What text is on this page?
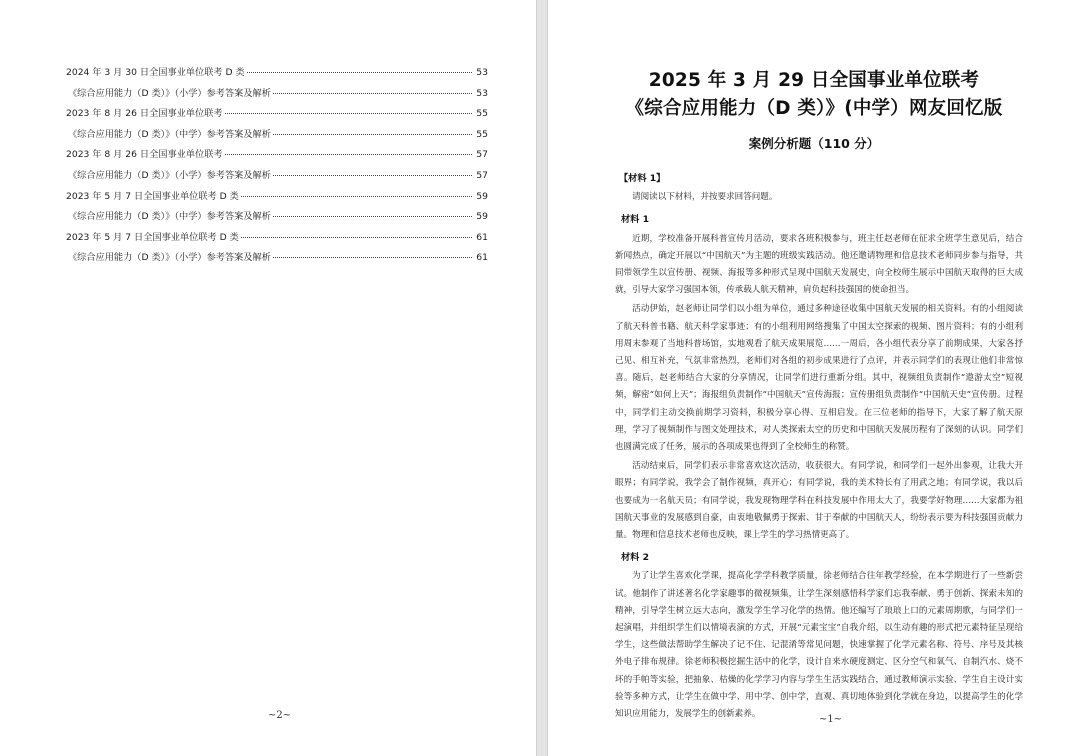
2024 年 3 月 30 日全国事业单位联考 D 类	53
《综合应用能力（D 类）》（小学）参考答案及解析	53
2023 年 8 月 26 日全国事业单位联考	55
《综合应用能力（D 类）》（中学）参考答案及解析	55
2023 年 8 月 26 日全国事业单位联考	57
《综合应用能力（D 类）》（小学）参考答案及解析	57
2023 年 5 月 7 日全国事业单位联考 D 类	59
《综合应用能力（D 类）》（中学）参考答案及解析	59
2023 年 5 月 7 日全国事业单位联考 D 类	61
《综合应用能力（D 类）》（小学）参考答案及解析	61
~2~
2025 年 3 月 29 日全国事业单位联考
《综合应用能力（D 类）》(中学）网友回忆版
案例分析题（110 分）
【材料 1】
请阅读以下材料，并按要求回答问题。
材料 1
近期，学校准备开展科普宣传月活动，要求各班积极参与，班主任赵老师在征求全班学生意见后，结合新闻热点，确定开展以“中国航天”为主题的班级实践活动。他还邀请物理和信息技术老师同步参与指导，共同带领学生以宣传册、视频、海报等多种形式呈现中国航天发展史，向全校师生展示中国航天取得的巨大成就，引导大家学习强国本领，传承载人航天精神，肩负起科技强国的使命担当。
活动伊始，赵老师让同学们以小组为单位，通过多种途径收集中国航天发展的相关资料。有的小组阅读了航天科普书籍、航天科学家事迹；有的小组利用网络搜集了中国太空探索的视频、图片资料；有的小组利用周末参观了当地科普场馆，实地观看了航天成果展览……一周后，各小组代表分享了前期成果，大家各抒己见、相互补充，气氛非常热烈，老师们对各组的初步成果进行了点评，并表示同学们的表现让他们非常惊喜。随后，赵老师结合大家的分享情况，让同学们进行重新分组。其中，视频组负责制作“遨游太空”短视频，解密“如何上天”；海报组负责制作“中国航天”宣传海报；宣传册组负责制作“中国航天史”宣传册。过程中，同学们主动交换前期学习资料，积极分享心得、互相启发。在三位老师的指导下，大家了解了航天原理，学习了视频制作与图文处理技术，对人类探索太空的历史和中国航天发展历程有了深刻的认识。同学们也圆满完成了任务，展示的各项成果也得到了全校师生的称赞。
活动结束后，同学们表示非常喜欢这次活动，收获很大。有同学说，和同学们一起外出参观，让我大开眼界；有同学说，我学会了制作视频，真开心；有同学说，我的美术特长有了用武之地；有同学说，我以后也要成为一名航天员；有同学说，我发现物理学科在科技发展中作用太大了，我要学好物理……大家都为祖国航天事业的发展感到自豪，由衷地敬佩勇于探索、甘于奉献的中国航天人，纷纷表示要为科技强国贡献力量。物理和信息技术老师也反映，课上学生的学习热情更高了。
材料 2
为了让学生喜欢化学课，提高化学学科教学质量，徐老师结合往年教学经验，在本学期进行了一些新尝试。他制作了讲述著名化学家趣事的微视频集，让学生深刻感悟科学家们忘我奉献、勇于创新、探索未知的精神，引导学生树立远大志向，激发学生学习化学的热情。他还编写了琅琅上口的元素周期歌，与同学们一起演唱，并组织学生们以情境表演的方式，开展“元素宝宝”自我介绍，以生动有趣的形式把元素特征呈现给学生，这些做法帮助学生解决了记不住、记混淆等常见问题，快速掌握了化学元素名称、符号、序号及其核外电子排布规律。徐老师积极挖掘生活中的化学，设计自来水硬度测定、区分空气和氧气、自制汽水、烧不坏的手帕等实验，把抽象、枯燥的化学学习内容与学生生活实践结合，通过教师演示实验、学生自主设计实验等多种方式，让学生在做中学、用中学、创中学，直观、真切地体验到化学就在身边，以提高学生的化学知识应用能力，发展学生的创新素养。	~1~
